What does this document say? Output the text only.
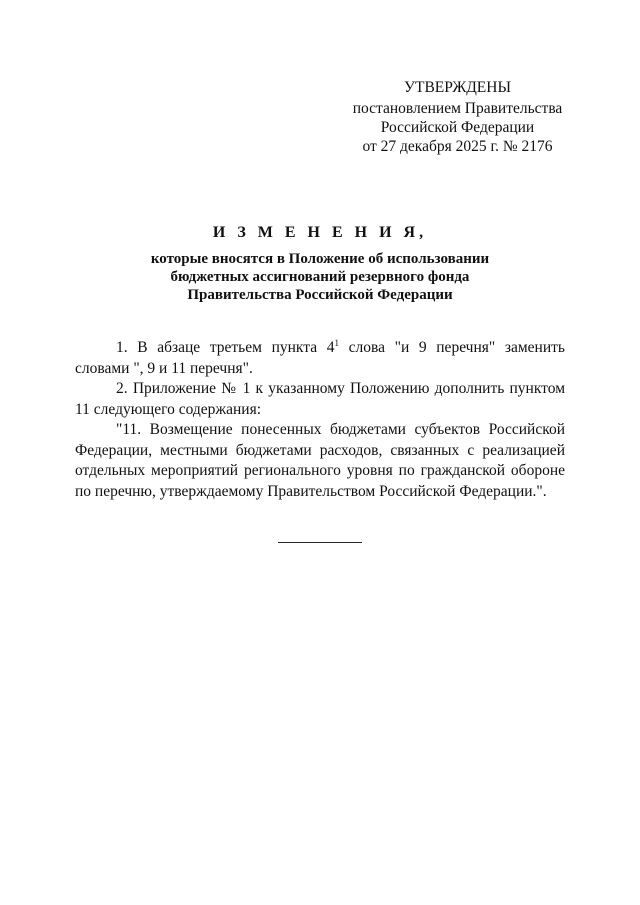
УТВЕРЖДЕНЫ
постановлением Правительства
Российской Федерации
от 27 декабря 2025 г. № 2176
И З М Е Н Е Н И Я,
которые вносятся в Положение об использовании
бюджетных ассигнований резервного фонда
Правительства Российской Федерации

1. В абзаце третьем пункта $4^1$ слова "и 9 перечня" заменить словами ", 9 и 11 перечня".

2. Приложение № 1 к указанному Положению дополнить пунктом 11 следующего содержания:

"11. Возмещение понесенных бюджетами субъектов Российской Федерации, местными бюджетами расходов, связанных с реализацией отдельных мероприятий регионального уровня по гражданской обороне по перечню, утверждаемому Правительством Российской Федерации.".
